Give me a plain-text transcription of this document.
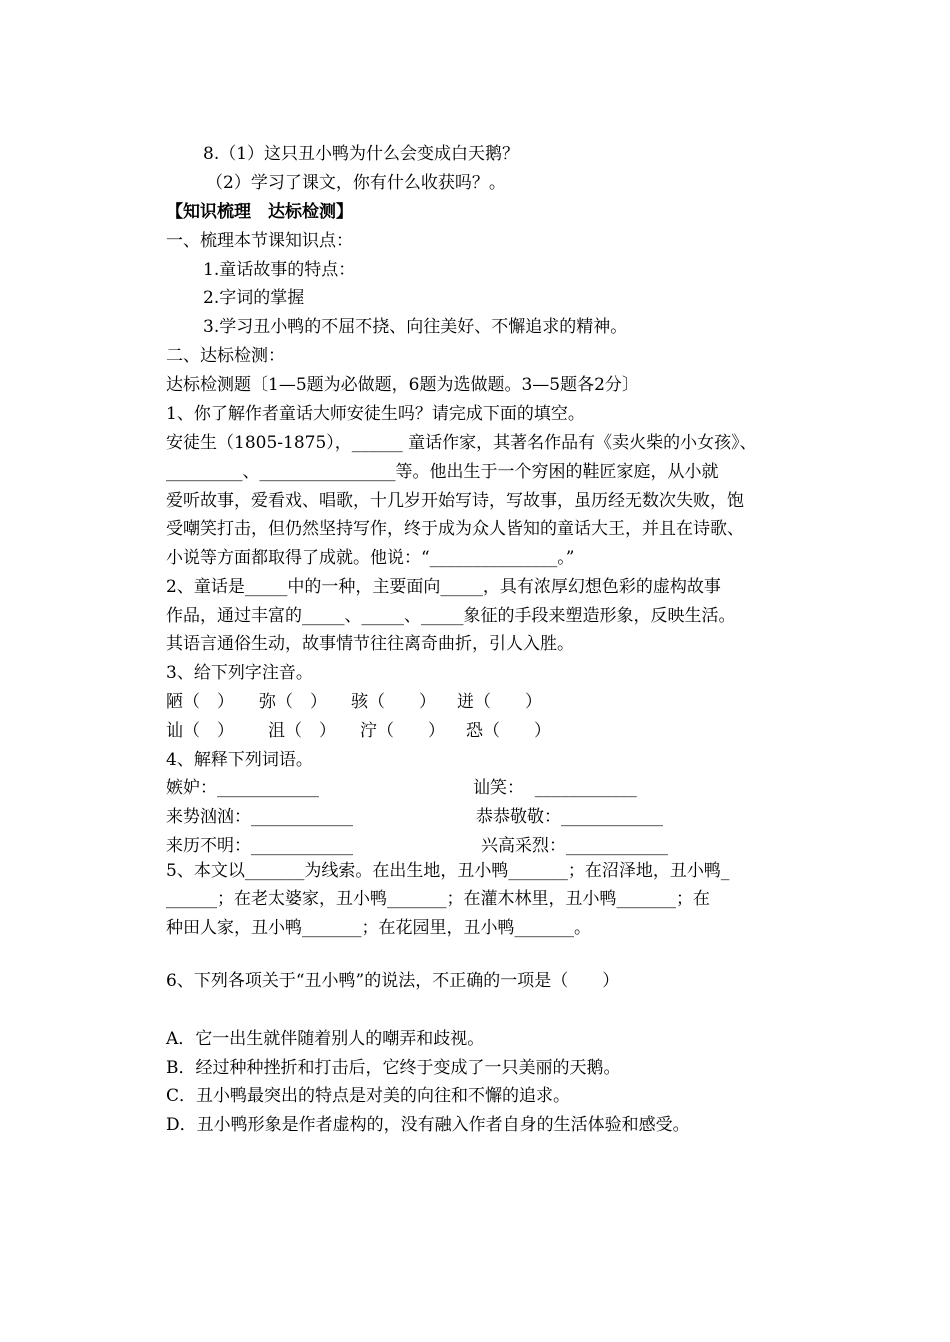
8.（1）这只丑小鸭为什么会变成白天鹅？
（2）学习了课文，你有什么收获吗？。
【知识梳理　达标检测】
一、梳理本节课知识点：
1.童话故事的特点：
2.字词的掌握
3.学习丑小鸭的不屈不挠、向往美好、不懈追求的精神。
二、达标检测：
达标检测题〔1—5题为必做题，6题为选做题。3—5题各2分〕
1、你了解作者童话大师安徒生吗？请完成下面的填空。
安徒生（1805-1875），______ 童话作家，其著名作品有《卖火柴的小女孩》、
_________、________________等。他出生于一个穷困的鞋匠家庭，从小就
爱听故事，爱看戏、唱歌，十几岁开始写诗，写故事，虽历经无数次失败，饱
受嘲笑打击，但仍然坚持写作，终于成为众人皆知的童话大王，并且在诗歌、
小说等方面都取得了成就。他说：“_______________。”
2、童话是_____中的一种，主要面向_____，具有浓厚幻想色彩的虚构故事
作品，通过丰富的_____、_____、_____象征的手段来塑造形象，反映生活。
其语言通俗生动，故事情节往往离奇曲折，引人入胜。
3、给下列字注音。
陋（　） 弥（　） 骇（　　） 迸（　　）
讪（　） 沮（　） 泞（　　） 恐（　　）
4、解释下列词语。
嫉妒：____________	讪笑：  ____________
来势汹汹：____________	恭恭敬敬：____________
来历不明：____________	兴高采烈：____________
5、本文以_______为线索。在出生地，丑小鸭_______；在沼泽地，丑小鸭_
______；在老太婆家，丑小鸭_______；在灌木林里，丑小鸭_______；在
种田人家，丑小鸭_______；在花园里，丑小鸭_______。
6、下列各项关于“丑小鸭”的说法，不正确的一项是（　　）
A．它一出生就伴随着别人的嘲弄和歧视。
B．经过种种挫折和打击后，它终于变成了一只美丽的天鹅。
C．丑小鸭最突出的特点是对美的向往和不懈的追求。
D．丑小鸭形象是作者虚构的，没有融入作者自身的生活体验和感受。
